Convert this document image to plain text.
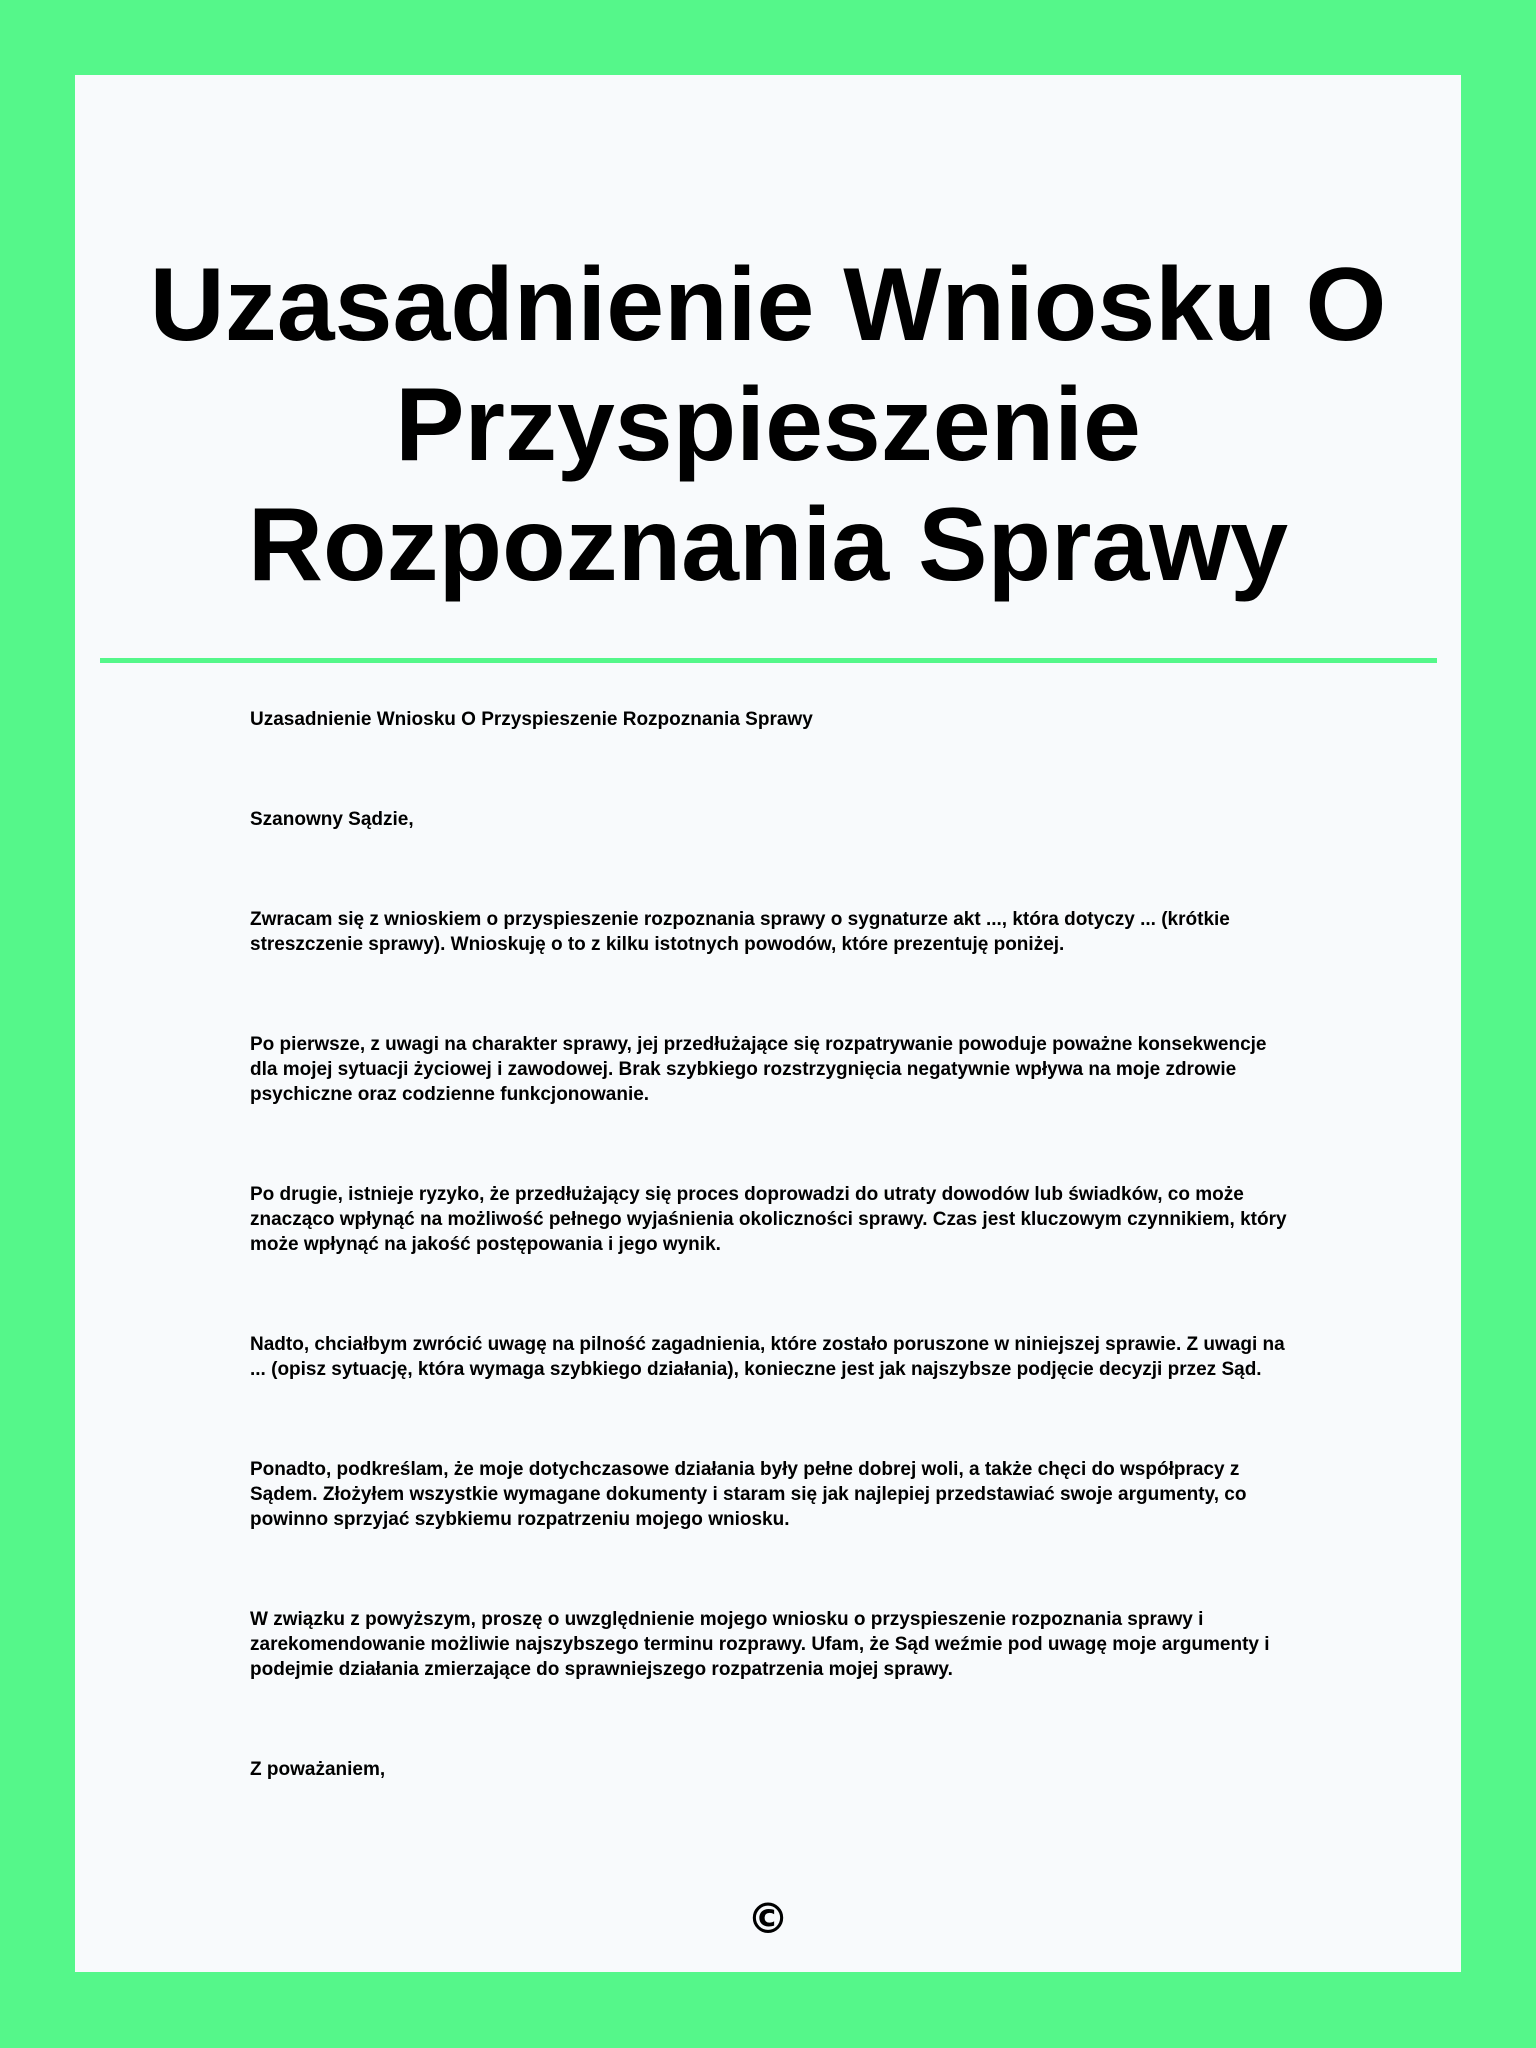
Uzasadnienie Wniosku O Przyspieszenie Rozpoznania Sprawy

Uzasadnienie Wniosku O Przyspieszenie Rozpoznania Sprawy

Szanowny Sądzie,

Zwracam się z wnioskiem o przyspieszenie rozpoznania sprawy o sygnaturze akt ..., która dotyczy ... (krótkie streszczenie sprawy). Wnioskuję o to z kilku istotnych powodów, które prezentuję poniżej.

Po pierwsze, z uwagi na charakter sprawy, jej przedłużające się rozpatrywanie powoduje poważne konsekwencje dla mojej sytuacji życiowej i zawodowej. Brak szybkiego rozstrzygnięcia negatywnie wpływa na moje zdrowie psychiczne oraz codzienne funkcjonowanie.

Po drugie, istnieje ryzyko, że przedłużający się proces doprowadzi do utraty dowodów lub świadków, co może znacząco wpłynąć na możliwość pełnego wyjaśnienia okoliczności sprawy. Czas jest kluczowym czynnikiem, który może wpłynąć na jakość postępowania i jego wynik.

Nadto, chciałbym zwrócić uwagę na pilność zagadnienia, które zostało poruszone w niniejszej sprawie. Z uwagi na ... (opisz sytuację, która wymaga szybkiego działania), konieczne jest jak najszybsze podjęcie decyzji przez Sąd.

Ponadto, podkreślam, że moje dotychczasowe działania były pełne dobrej woli, a także chęci do współpracy z Sądem. Złożyłem wszystkie wymagane dokumenty i staram się jak najlepiej przedstawiać swoje argumenty, co powinno sprzyjać szybkiemu rozpatrzeniu mojego wniosku.

W związku z powyższym, proszę o uwzględnienie mojego wniosku o przyspieszenie rozpoznania sprawy i zarekomendowanie możliwie najszybszego terminu rozprawy. Ufam, że Sąd weźmie pod uwagę moje argumenty i podejmie działania zmierzające do sprawniejszego rozpatrzenia mojej sprawy.

Z poważaniem,

©
